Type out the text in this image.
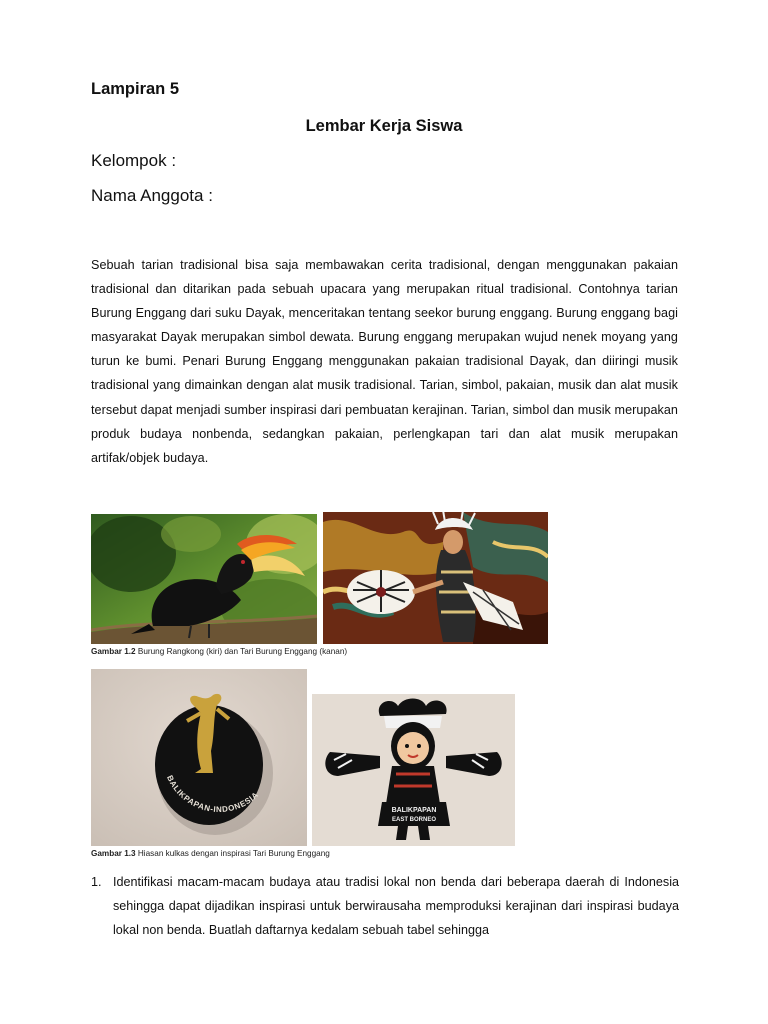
Lampiran 5
Lembar Kerja Siswa
Kelompok :
Nama Anggota :
Sebuah tarian tradisional bisa saja membawakan cerita tradisional, dengan menggunakan pakaian tradisional dan ditarikan pada sebuah upacara yang merupakan ritual tradisional. Contohnya tarian Burung Enggang dari suku Dayak, menceritakan tentang seekor burung enggang. Burung enggang bagi masyarakat Dayak merupakan simbol dewata. Burung enggang merupakan wujud nenek moyang yang turun ke bumi. Penari Burung Enggang menggunakan pakaian tradisional Dayak, dan diiringi musik tradisional yang dimainkan dengan alat musik tradisional. Tarian, simbol, pakaian, musik dan alat musik tersebut dapat menjadi sumber inspirasi dari pembuatan kerajinan. Tarian, simbol dan musik merupakan produk budaya nonbenda, sedangkan pakaian, perlengkapan tari dan alat musik merupakan artifak/objek budaya.
Gambar 1.2 Burung Rangkong (kiri) dan Tari Burung Enggang (kanan)
BALIKPAPAN-INDONESIA
BALIKPAPAN
EAST BORNEO
Gambar 1.3 Hiasan kulkas dengan inspirasi Tari Burung Enggang
1. Identifikasi macam-macam budaya atau tradisi lokal non benda dari beberapa daerah di Indonesia sehingga dapat dijadikan inspirasi untuk berwirausaha memproduksi kerajinan dari inspirasi budaya lokal non benda. Buatlah daftarnya kedalam sebuah tabel sehingga
